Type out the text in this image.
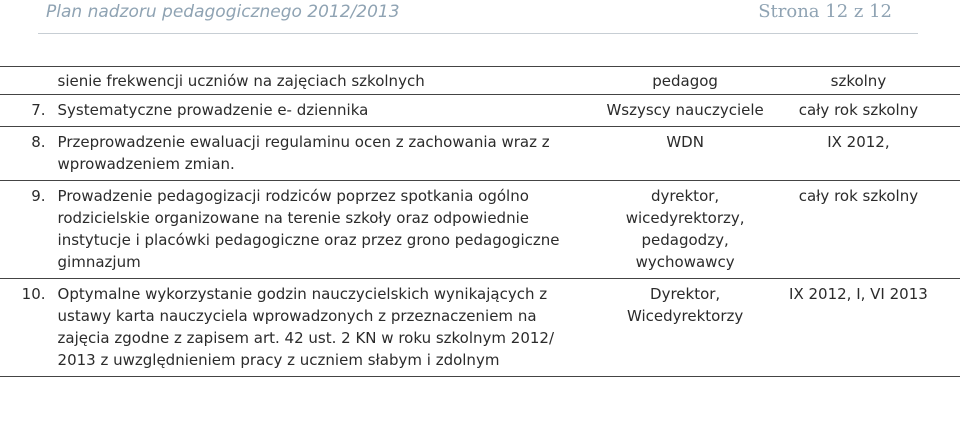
Plan nadzoru pedagogicznego 2012/2013	Strona 12 z 12
	sienie frekwencji uczniów na zajęciach szkolnych	pedagog	szkolny	
7.	Systematyczne prowadzenie e- dziennika	Wszyscy nauczyciele	cały rok szkolny	
8.	Przeprowadzenie ewaluacji regulaminu ocen z zachowania wraz z wprowadzeniem zmian.	WDN	IX 2012,	
9.	Prowadzenie pedagogizacji rodziców poprzez spotkania ogólno rodzicielskie organizowane na terenie szkoły oraz odpowiednie instytucje i placówki pedagogiczne oraz przez grono pedagogiczne gimnazjum	dyrektor, wicedyrektorzy, pedagodzy, wychowawcy	cały rok szkolny	
10.	Optymalne wykorzystanie godzin nauczycielskich wynikających z ustawy karta nauczyciela wprowadzonych z przeznaczeniem na zajęcia zgodne z zapisem art. 42 ust. 2 KN w roku szkolnym 2012/ 2013 z uwzględnieniem pracy z uczniem słabym i zdolnym	Dyrektor, Wicedyrektorzy	IX 2012, I, VI 2013	
